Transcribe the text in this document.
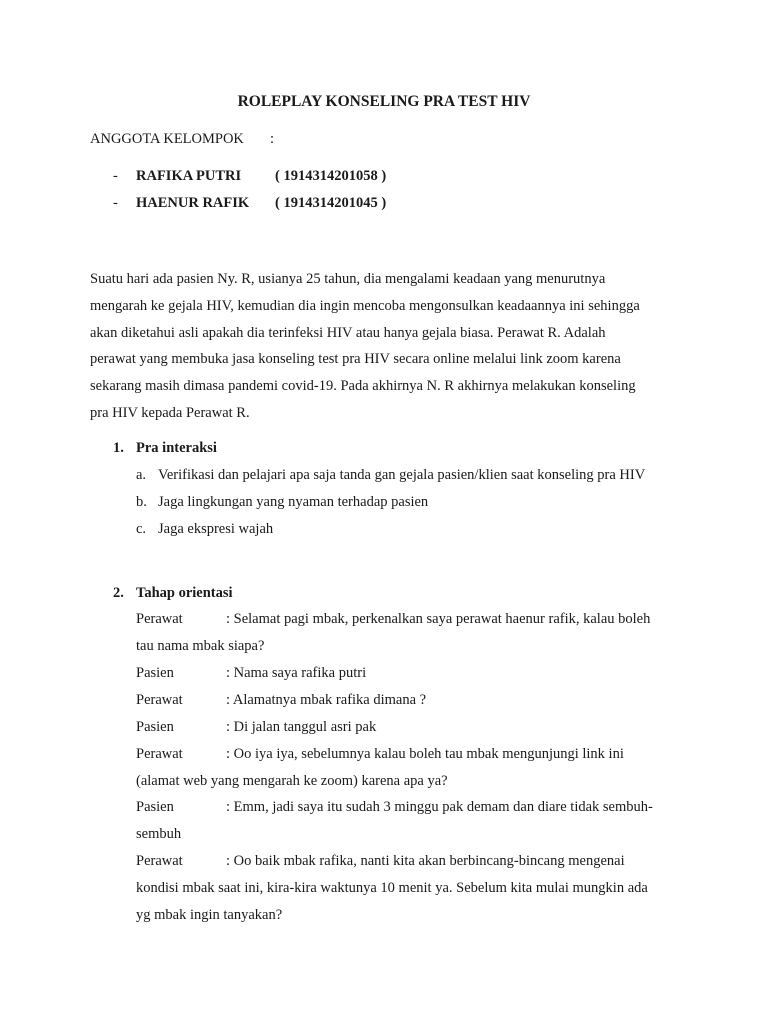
ROLEPLAY KONSELING PRA TEST HIV
ANGGOTA KELOMPOK :
- RAFIKA PUTRI ( 1914314201058 )
- HAENUR RAFIK ( 1914314201045 )
Suatu hari ada pasien Ny. R, usianya 25 tahun, dia mengalami keadaan yang menurutnya
mengarah ke gejala HIV, kemudian dia ingin mencoba mengonsulkan keadaannya ini sehingga
akan diketahui asli apakah dia terinfeksi HIV atau hanya gejala biasa. Perawat R. Adalah
perawat yang membuka jasa konseling test pra HIV secara online melalui link zoom karena
sekarang masih dimasa pandemi covid-19. Pada akhirnya N. R akhirnya melakukan konseling
pra HIV kepada Perawat R.
1. Pra interaksi
a. Verifikasi dan pelajari apa saja tanda gan gejala pasien/klien saat konseling pra HIV
b. Jaga lingkungan yang nyaman terhadap pasien
c. Jaga ekspresi wajah
2. Tahap orientasi
Perawat	: Selamat pagi mbak, perkenalkan saya perawat haenur rafik, kalau boleh
tau nama mbak siapa?
Pasien	: Nama saya rafika putri
Perawat	: Alamatnya mbak rafika dimana ?
Pasien	: Di jalan tanggul asri pak
Perawat	: Oo iya iya, sebelumnya kalau boleh tau mbak mengunjungi link ini
(alamat web yang mengarah ke zoom) karena apa ya?
Pasien	: Emm, jadi saya itu sudah 3 minggu pak demam dan diare tidak sembuh-
sembuh
Perawat	: Oo baik mbak rafika, nanti kita akan berbincang-bincang mengenai
kondisi mbak saat ini, kira-kira waktunya 10 menit ya. Sebelum kita mulai mungkin ada
yg mbak ingin tanyakan?
